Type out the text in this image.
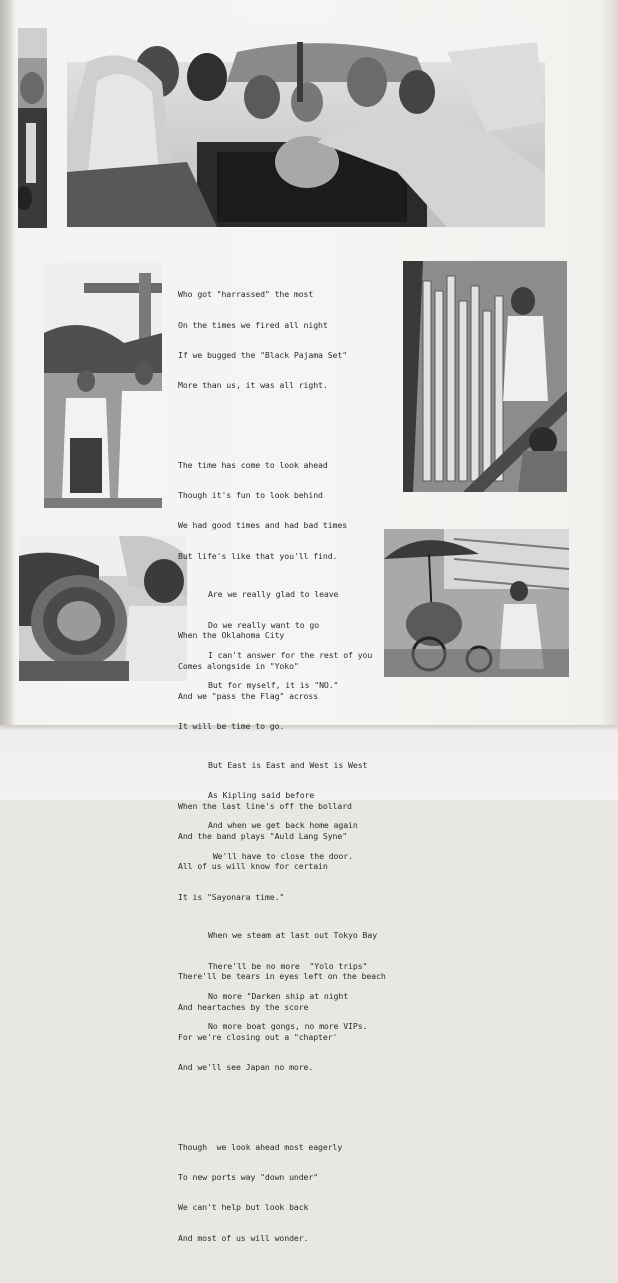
Who got "harrassed" the most

On the times we fired all night

If we bugged the "Black Pajama Set"

More than us, it was all right.

The time has come to look ahead

Though it's fun to look behind

We had good times and had bad times

But life's like that you'll find.

When the Oklahoma City

Comes alongside in "Yoko"

And we "pass the Flag" across

It will be time to go.

When the last line's off the bollard

And the band plays "Auld Lang Syne"

All of us will know for certain

It is "Sayonara time."

There'll be tears in eyes left on the beach

And heartaches by the score

For we're closing out a "chapter'

And we'll see Japan no more.

Though  we look ahead most eagerly

To new ports way "down under"

We can't help but look back

And most of us will wonder.

Are we really glad to leave

Do we really want to go

I can't answer for the rest of you

But for myself, it is "NO."

But East is East and West is West

As Kipling said before

And when we get back home again

We'll have to close the door.

When we steam at last out Tokyo Bay

There'll be no more  "Yolo trips"

No more "Darken ship at night

No more boat gongs, no more VIPs.
